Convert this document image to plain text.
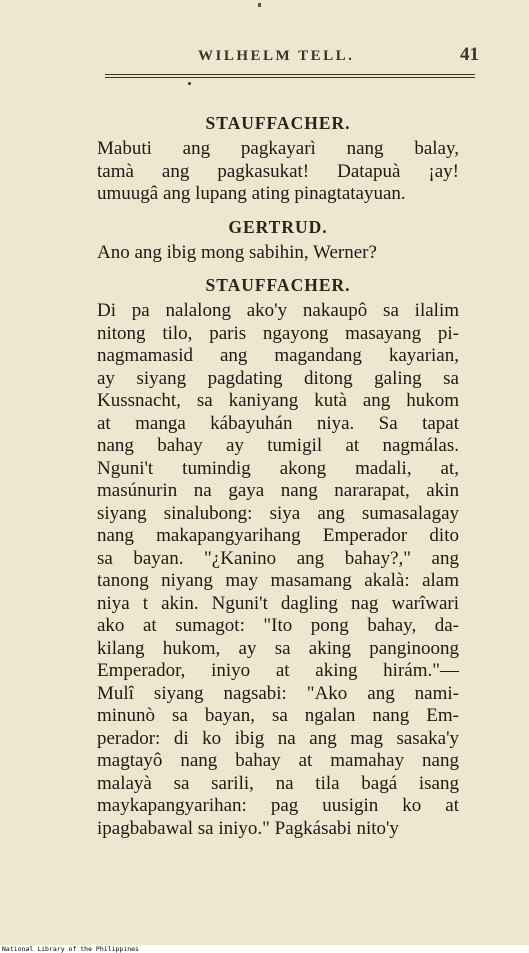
WILHELM TELL.	41
STAUFFACHER.
Mabuti ang pagkayarì nang balay,
tamà ang pagkasukat! Datapuà ¡ay!
umuugâ ang lupang ating pinagtatayuan.
GERTRUD.
Ano ang ibig mong sabihin, Werner?
STAUFFACHER.
Di pa nalalong ako'y nakaupô sa ilalim
nitong tilo, paris ngayong masayang pi-
nagmamasid ang magandang kayarian,
ay siyang pagdating ditong galing sa
Kussnacht, sa kaniyang kutà ang hukom
at manga kábayuhán niya. Sa tapat
nang bahay ay tumigil at nagmálas.
Nguni't tumindig akong madali, at,
masúnurin na gaya nang nararapat, akin
siyang sinalubong: siya ang sumasalagay
nang makapangyarihang Emperador dito
sa bayan. "¿Kanino ang bahay?," ang
tanong niyang may masamang akalà: alam
niya t akin. Nguni't dagling nag warîwari
ako at sumagot: "Ito pong bahay, da-
kilang hukom, ay sa aking panginoong
Emperador, iniyo at aking hirám."—
Mulî siyang nagsabi: "Ako ang nami-
minunò sa bayan, sa ngalan nang Em-
perador: di ko ibig na ang mag sasaka'y
magtayô nang bahay at mamahay nang
malayà sa sarili, na tila bagá isang
maykapangyarihan: pag uusigin ko at
ipagbabawal sa iniyo." Pagkásabi nito'y
National Library of the Philippines
